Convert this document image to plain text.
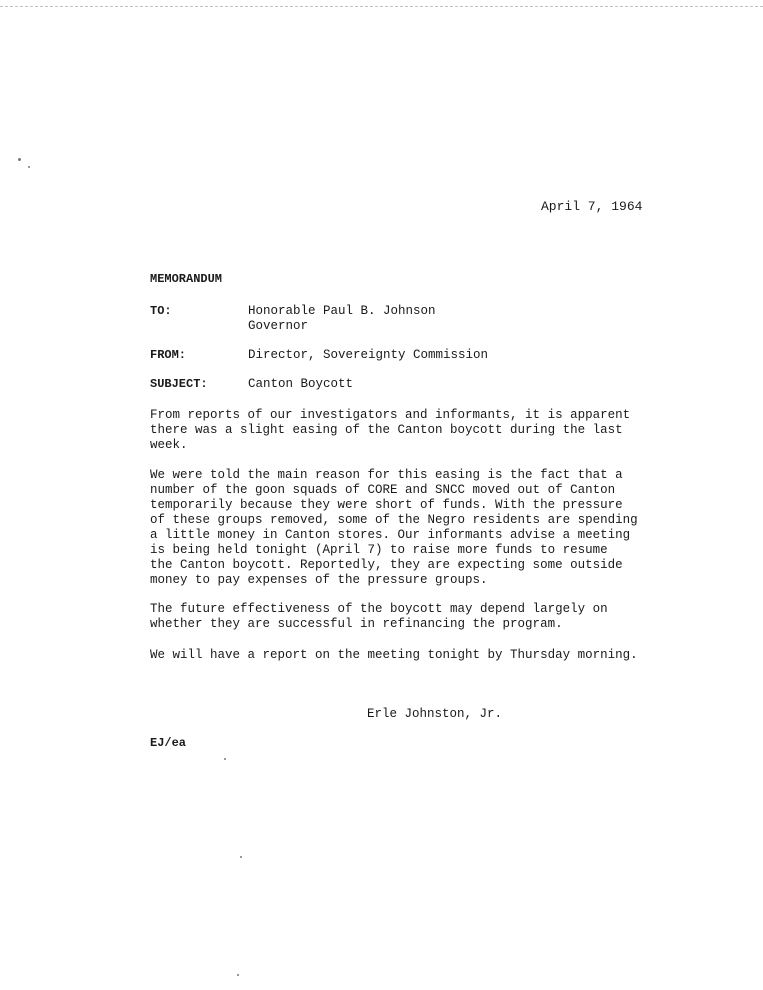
April 7, 1964
MEMORANDUM
TO:	Honorable Paul B. Johnson
Governor
FROM:	Director, Sovereignty Commission
SUBJECT:	Canton Boycott
From reports of our investigators and informants, it is apparent
there was a slight easing of the Canton boycott during the last
week.
We were told the main reason for this easing is the fact that a
number of the goon squads of CORE and SNCC moved out of Canton
temporarily because they were short of funds. With the pressure
of these groups removed, some of the Negro residents are spending
a little money in Canton stores. Our informants advise a meeting
is being held tonight (April 7) to raise more funds to resume
the Canton boycott. Reportedly, they are expecting some outside
money to pay expenses of the pressure groups.
The future effectiveness of the boycott may depend largely on
whether they are successful in refinancing the program.
We will have a report on the meeting tonight by Thursday morning.
Erle Johnston, Jr.
EJ/ea
